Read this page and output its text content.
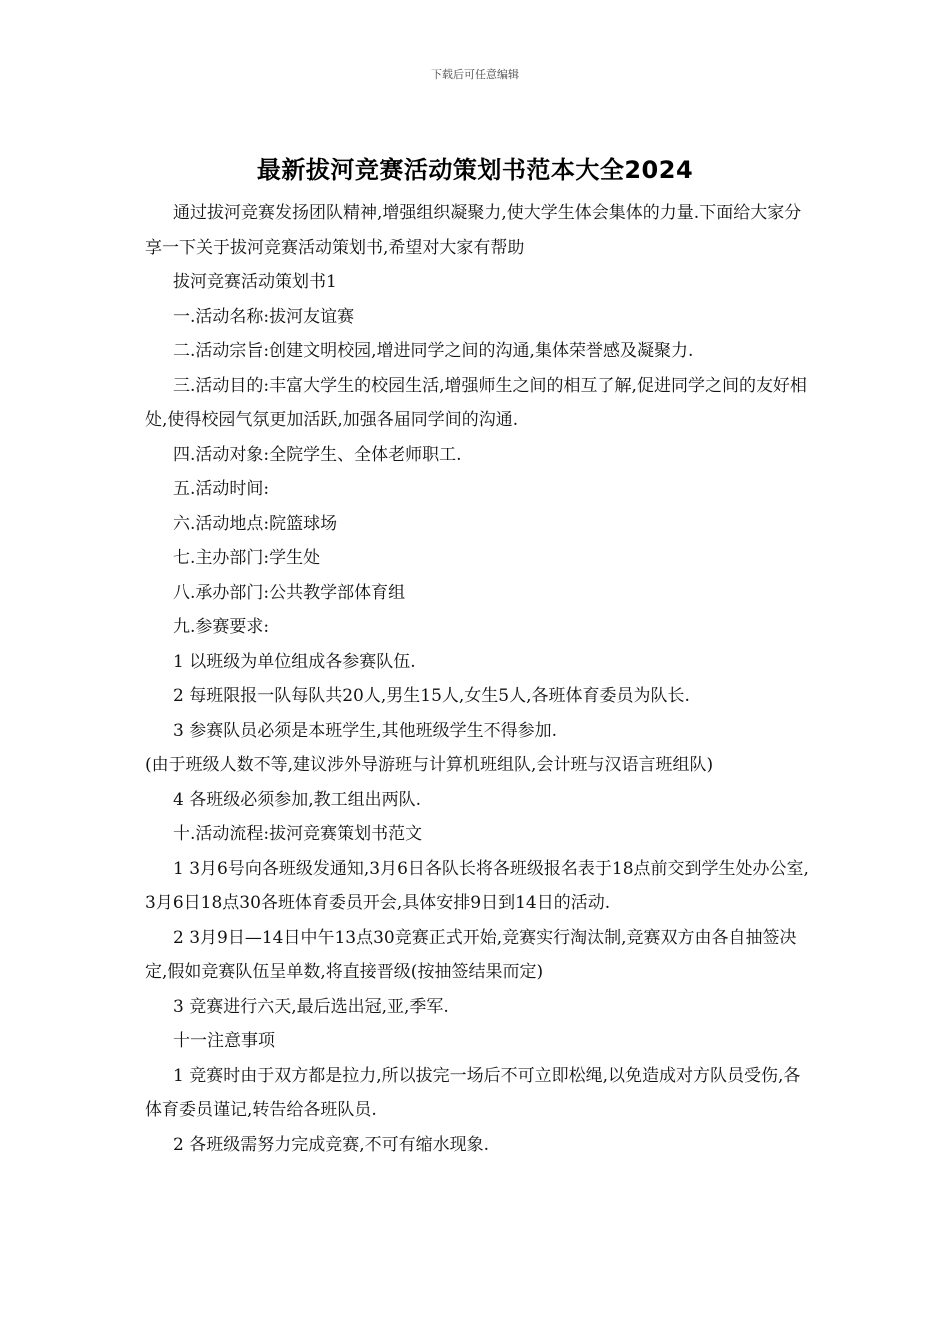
下载后可任意编辑
最新拔河竞赛活动策划书范本大全2024

通过拔河竞赛发扬团队精神,增强组织凝聚力,使大学生体会集体的力量.下面给大家分享一下关于拔河竞赛活动策划书,希望对大家有帮助

拔河竞赛活动策划书1

一.活动名称:拔河友谊赛

二.活动宗旨:创建文明校园,增进同学之间的沟通,集体荣誉感及凝聚力.

三.活动目的:丰富大学生的校园生活,增强师生之间的相互了解,促进同学之间的友好相处,使得校园气氛更加活跃,加强各届同学间的沟通.

四.活动对象:全院学生、全体老师职工.

五.活动时间:

六.活动地点:院篮球场

七.主办部门:学生处

八.承办部门:公共教学部体育组

九.参赛要求:

1 以班级为单位组成各参赛队伍.

2 每班限报一队每队共20人,男生15人,女生5人,各班体育委员为队长.

3 参赛队员必须是本班学生,其他班级学生不得参加.

(由于班级人数不等,建议涉外导游班与计算机班组队,会计班与汉语言班组队)

4 各班级必须参加,教工组出两队.

十.活动流程:拔河竞赛策划书范文

1 3月6号向各班级发通知,3月6日各队长将各班级报名表于18点前交到学生处办公室,3月6日18点30各班体育委员开会,具体安排9日到14日的活动.

2 3月9日—14日中午13点30竞赛正式开始,竞赛实行淘汰制,竞赛双方由各自抽签决定,假如竞赛队伍呈单数,将直接晋级(按抽签结果而定)

3 竞赛进行六天,最后选出冠,亚,季军.

十一注意事项

1 竞赛时由于双方都是拉力,所以拔完一场后不可立即松绳,以免造成对方队员受伤,各体育委员谨记,转告给各班队员.

2 各班级需努力完成竞赛,不可有缩水现象.
